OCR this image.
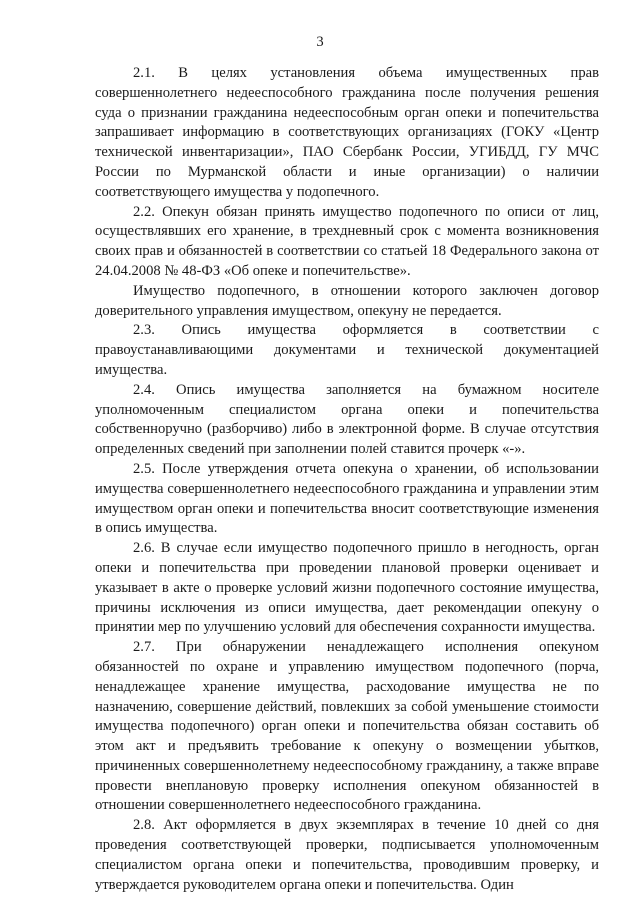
3

2.1. В целях установления объема имущественных прав совершеннолетнего недееспособного гражданина после получения решения суда о признании гражданина недееспособным орган опеки и попечительства запрашивает информацию в соответствующих организациях (ГОКУ «Центр технической инвентаризации», ПАО Сбербанк России, УГИБДД, ГУ МЧС России по Мурманской области и иные организации) о наличии соответствующего имущества у подопечного.

2.2. Опекун обязан принять имущество подопечного по описи от лиц, осуществлявших его хранение, в трехдневный срок с момента возникновения своих прав и обязанностей в соответствии со статьей 18 Федерального закона от 24.04.2008 № 48-ФЗ «Об опеке и попечительстве».

Имущество подопечного, в отношении которого заключен договор доверительного управления имуществом, опекуну не передается.

2.3. Опись имущества оформляется в соответствии с правоустанавливающими документами и технической документацией имущества.

2.4. Опись имущества заполняется на бумажном носителе уполномоченным специалистом органа опеки и попечительства собственноручно (разборчиво) либо в электронной форме. В случае отсутствия определенных сведений при заполнении полей ставится прочерк «-».

2.5. После утверждения отчета опекуна о хранении, об использовании имущества совершеннолетнего недееспособного гражданина и управлении этим имуществом орган опеки и попечительства вносит соответствующие изменения в опись имущества.

2.6. В случае если имущество подопечного пришло в негодность, орган опеки и попечительства при проведении плановой проверки оценивает и указывает в акте о проверке условий жизни подопечного состояние имущества, причины исключения из описи имущества, дает рекомендации опекуну о принятии мер по улучшению условий для обеспечения сохранности имущества.

2.7. При обнаружении ненадлежащего исполнения опекуном обязанностей по охране и управлению имуществом подопечного (порча, ненадлежащее хранение имущества, расходование имущества не по назначению, совершение действий, повлекших за собой уменьшение стоимости имущества подопечного) орган опеки и попечительства обязан составить об этом акт и предъявить требование к опекуну о возмещении убытков, причиненных совершеннолетнему недееспособному гражданину, а также вправе провести внеплановую проверку исполнения опекуном обязанностей в отношении совершеннолетнего недееспособного гражданина.

2.8. Акт оформляется в двух экземплярах в течение 10 дней со дня проведения соответствующей проверки, подписывается уполномоченным специалистом органа опеки и попечительства, проводившим проверку, и утверждается руководителем органа опеки и попечительства. Один
